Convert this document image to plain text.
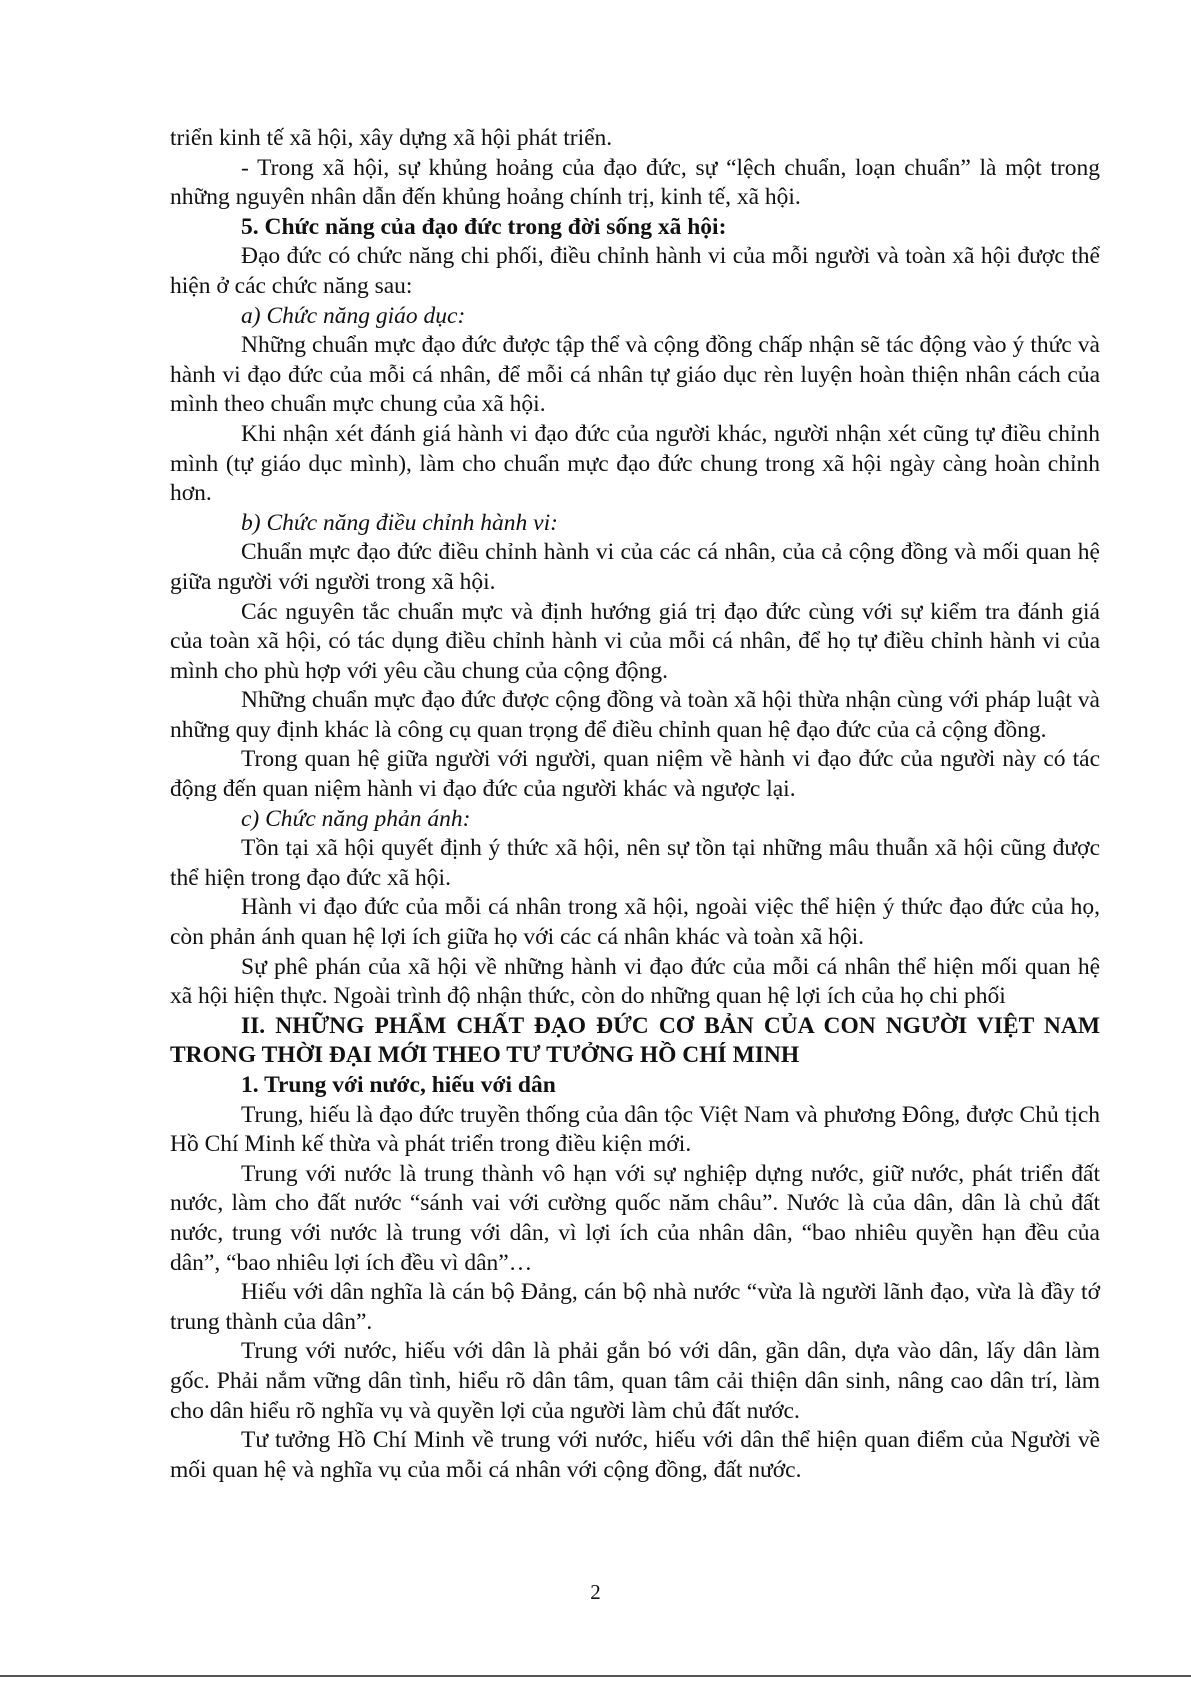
triển kinh tế xã hội, xây dựng xã hội phát triển.

- Trong xã hội, sự khủng hoảng của đạo đức, sự “lệch chuẩn, loạn chuẩn” là một trong những nguyên nhân dẫn đến khủng hoảng chính trị, kinh tế, xã hội.

5. Chức năng của đạo đức trong đời sống xã hội:

Đạo đức có chức năng chi phối, điều chỉnh hành vi của mỗi người và toàn xã hội được thể hiện ở các chức năng sau:

a) Chức năng giáo dục:

Những chuẩn mực đạo đức được tập thể và cộng đồng chấp nhận sẽ tác động vào ý thức và hành vi đạo đức của mỗi cá nhân, để mỗi cá nhân tự giáo dục rèn luyện hoàn thiện nhân cách của mình theo chuẩn mực chung của xã hội.

Khi nhận xét đánh giá hành vi đạo đức của người khác, người nhận xét cũng tự điều chỉnh mình (tự giáo dục mình), làm cho chuẩn mực đạo đức chung trong xã hội ngày càng hoàn chỉnh hơn.

b) Chức năng điều chỉnh hành vi:

Chuẩn mực đạo đức điều chỉnh hành vi của các cá nhân, của cả cộng đồng và mối quan hệ giữa người với người trong xã hội.

Các nguyên tắc chuẩn mực và định hướng giá trị đạo đức cùng với sự kiểm tra đánh giá của toàn xã hội, có tác dụng điều chỉnh hành vi của mỗi cá nhân, để họ tự điều chỉnh hành vi của mình cho phù hợp với yêu cầu chung của cộng động.

Những chuẩn mực đạo đức được cộng đồng và toàn xã hội thừa nhận cùng với pháp luật và những quy định khác là công cụ quan trọng để điều chỉnh quan hệ đạo đức của cả cộng đồng.

Trong quan hệ giữa người với người, quan niệm về hành vi đạo đức của người này có tác động đến quan niệm hành vi đạo đức của người khác và ngược lại.

c) Chức năng phản ánh:

Tồn tại xã hội quyết định ý thức xã hội, nên sự tồn tại những mâu thuẫn xã hội cũng được thể hiện trong đạo đức xã hội.

Hành vi đạo đức của mỗi cá nhân trong xã hội, ngoài việc thể hiện ý thức đạo đức của họ, còn phản ánh quan hệ lợi ích giữa họ với các cá nhân khác và toàn xã hội.

Sự phê phán của xã hội về những hành vi đạo đức của mỗi cá nhân thể hiện mối quan hệ xã hội hiện thực. Ngoài trình độ nhận thức, còn do những quan hệ lợi ích của họ chi phối

II. NHỮNG PHẨM CHẤT ĐẠO ĐỨC CƠ BẢN CỦA CON NGƯỜI VIỆT NAM TRONG THỜI ĐẠI MỚI THEO TƯ TƯỞNG HỒ CHÍ MINH

1. Trung với nước, hiếu với dân

Trung, hiếu là đạo đức truyền thống của dân tộc Việt Nam và phương Đông, được Chủ tịch Hồ Chí Minh kế thừa và phát triển trong điều kiện mới.

Trung với nước là trung thành vô hạn với sự nghiệp dựng nước, giữ nước, phát triển đất nước, làm cho đất nước “sánh vai với cường quốc năm châu”. Nước là của dân, dân là chủ đất nước, trung với nước là trung với dân, vì lợi ích của nhân dân, “bao nhiêu quyền hạn đều của dân”, “bao nhiêu lợi ích đều vì dân”…

Hiếu với dân nghĩa là cán bộ Đảng, cán bộ nhà nước “vừa là người lãnh đạo, vừa là đầy tớ trung thành của dân”.

Trung với nước, hiếu với dân là phải gắn bó với dân, gần dân, dựa vào dân, lấy dân làm gốc. Phải nắm vững dân tình, hiểu rõ dân tâm, quan tâm cải thiện dân sinh, nâng cao dân trí, làm cho dân hiểu rõ nghĩa vụ và quyền lợi của người làm chủ đất nước.

Tư tưởng Hồ Chí Minh về trung với nước, hiếu với dân thể hiện quan điểm của Người về mối quan hệ và nghĩa vụ của mỗi cá nhân với cộng đồng, đất nước.

2
